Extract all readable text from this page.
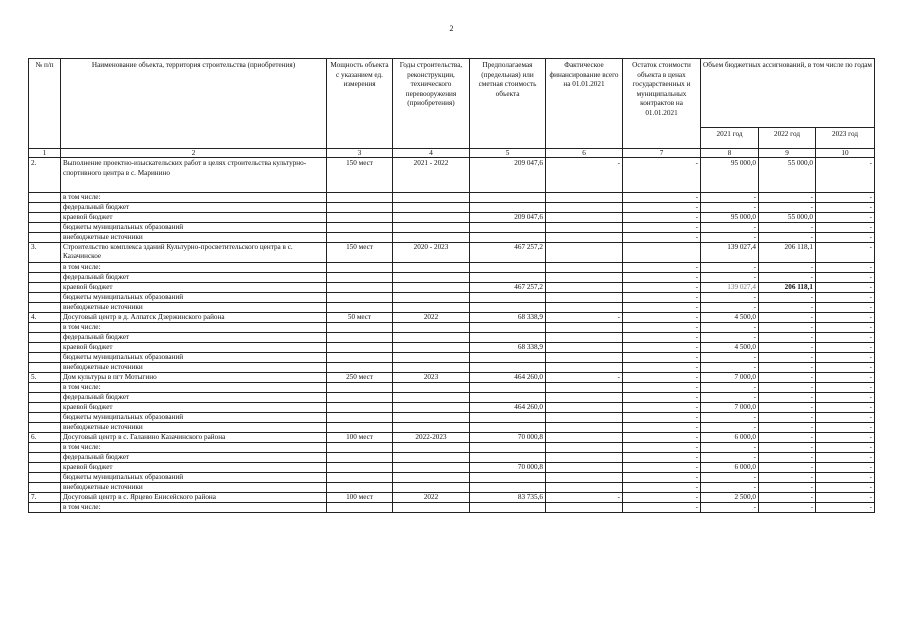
2
№ п/п	Наименование объекта, территория строительства (приобретения)	Мощность объекта с указанием ед. измерения	Годы строительства, реконструкции, технического перевооружения (приобретения)	Предполагаемая (предельная) или сметная стоимость объекта	Фактическое финансирование всего на 01.01.2021	Остаток стоимости объекта в ценах государственных и муниципальных контрактов на 01.01.2021	Объем бюджетных ассигнований, в том числе по годам		
							2021 год	2022 год	2023 год
1	2	3	4	5	6	7	8	9	10
2.	Выполнение проектно-изыскательских работ в целях строительства культурно-спортивного центра в с. Маринино	150 мест	2021 - 2022	209 047,6	-	-	95 000,0	55 000,0	-
	в том числе:					-	-	-	-
	федеральный бюджет					-	-	-	-
	краевой бюджет			209 047,6		-	95 000,0	55 000,0	-
	бюджеты муниципальных образований					-	-	-	-
	внебюджетные источники					-	-	-	-
3.	Строительство комплекса зданий Культурно-просветительского центра в с. Казачинское	150 мест	2020 - 2023	467 257,2			139 027,4	206 118,1	-
	в том числе:					-	-	-	-
	федеральный бюджет					-	-	-	-
	краевой бюджет			467 257,2		-	139 027,4	206 118,1	-
	бюджеты муниципальных образований					-	-	-	-
	внебюджетные источники					-	-	-	-
4.	Досуговый центр в д. Алпатск Дзержинского района	50 мест	2022	68 338,9	-	-	4 500,0	-	-
	в том числе:					-	-	-	-
	федеральный бюджет					-	-	-	-
	краевой бюджет			68 338,9		-	4 500,0	-	-
	бюджеты муниципальных образований					-	-	-	-
	внебюджетные источники					-	-	-	-
5.	Дом культуры в пгт Мотыгино	250 мест	2023	464 260,0	-	-	7 000,0	-	-
	в том числе:					-	-	-	-
	федеральный бюджет					-	-	-	-
	краевой бюджет			464 260,0		-	7 000,0	-	-
	бюджеты муниципальных образований					-	-	-	-
	внебюджетные источники					-	-	-	-
6.	Досуговый центр в с. Галанино Казачинского района	100 мест	2022-2023	70 000,8		-	6 000,0	-	-
	в том числе:					-	-	-	-
	федеральный бюджет					-	-	-	-
	краевой бюджет			70 000,8		-	6 000,0	-	-
	бюджеты муниципальных образований					-	-	-	-
	внебюджетные источники					-	-	-	-
7.	Досуговый центр в с. Ярцево Енисейского района	100 мест	2022	83 735,6	-	-	2 500,0	-	-
	в том числе:					-	-	-	-
